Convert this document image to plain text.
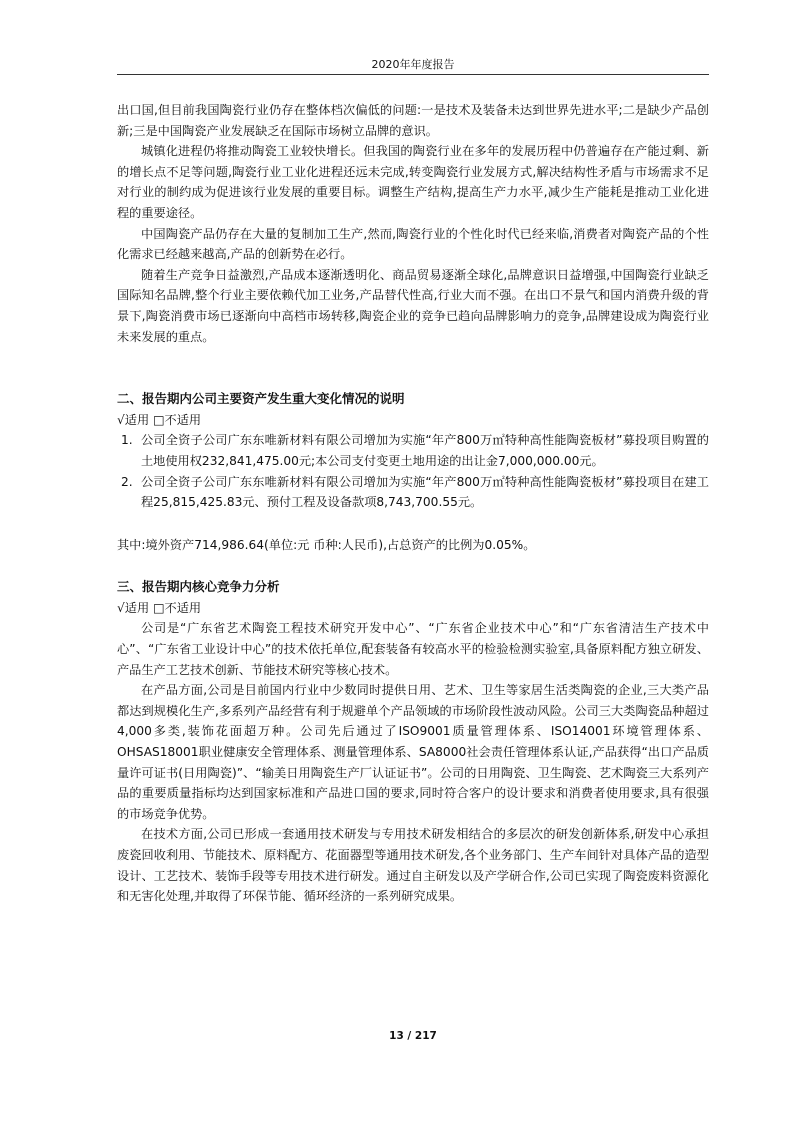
2020年年度报告

出口国,但目前我国陶瓷行业仍存在整体档次偏低的问题:一是技术及装备未达到世界先进水平;二是缺少产品创新;三是中国陶瓷产业发展缺乏在国际市场树立品牌的意识。

城镇化进程仍将推动陶瓷工业较快增长。但我国的陶瓷行业在多年的发展历程中仍普遍存在产能过剩、新的增长点不足等问题,陶瓷行业工业化进程还远未完成,转变陶瓷行业发展方式,解决结构性矛盾与市场需求不足对行业的制约成为促进该行业发展的重要目标。调整生产结构,提高生产力水平,减少生产能耗是推动工业化进程的重要途径。

中国陶瓷产品仍存在大量的复制加工生产,然而,陶瓷行业的个性化时代已经来临,消费者对陶瓷产品的个性化需求已经越来越高,产品的创新势在必行。

随着生产竞争日益激烈,产品成本逐渐透明化、商品贸易逐渐全球化,品牌意识日益增强,中国陶瓷行业缺乏国际知名品牌,整个行业主要依赖代加工业务,产品替代性高,行业大而不强。在出口不景气和国内消费升级的背景下,陶瓷消费市场已逐渐向中高档市场转移,陶瓷企业的竞争已趋向品牌影响力的竞争,品牌建设成为陶瓷行业未来发展的重点。

二、报告期内公司主要资产发生重大变化情况的说明

√适用 □不适用

1. 公司全资子公司广东东唯新材料有限公司增加为实施“年产800万㎡特种高性能陶瓷板材”募投项目购置的土地使用权232,841,475.00元;本公司支付变更土地用途的出让金7,000,000.00元。
2. 公司全资子公司广东东唯新材料有限公司增加为实施“年产800万㎡特种高性能陶瓷板材”募投项目在建工程25,815,425.83元、预付工程及设备款项8,743,700.55元。

其中:境外资产714,986.64(单位:元 币种:人民币),占总资产的比例为0.05%。

三、报告期内核心竞争力分析

√适用 □不适用

公司是“广东省艺术陶瓷工程技术研究开发中心”、“广东省企业技术中心”和“广东省清洁生产技术中心”、“广东省工业设计中心”的技术依托单位,配套装备有较高水平的检验检测实验室,具备原料配方独立研发、产品生产工艺技术创新、节能技术研究等核心技术。

在产品方面,公司是目前国内行业中少数同时提供日用、艺术、卫生等家居生活类陶瓷的企业,三大类产品都达到规模化生产,多系列产品经营有利于规避单个产品领域的市场阶段性波动风险。公司三大类陶瓷品种超过4,000多类,装饰花面超万种。公司先后通过了ISO9001质量管理体系、ISO14001环境管理体系、OHSAS18001职业健康安全管理体系、测量管理体系、SA8000社会责任管理体系认证,产品获得“出口产品质量许可证书(日用陶瓷)”、“输美日用陶瓷生产厂认证证书”。公司的日用陶瓷、卫生陶瓷、艺术陶瓷三大系列产品的重要质量指标均达到国家标准和产品进口国的要求,同时符合客户的设计要求和消费者使用要求,具有很强的市场竞争优势。

在技术方面,公司已形成一套通用技术研发与专用技术研发相结合的多层次的研发创新体系,研发中心承担废瓷回收利用、节能技术、原料配方、花面器型等通用技术研发,各个业务部门、生产车间针对具体产品的造型设计、工艺技术、装饰手段等专用技术进行研发。通过自主研发以及产学研合作,公司已实现了陶瓷废料资源化和无害化处理,并取得了环保节能、循环经济的一系列研究成果。

13 / 217
